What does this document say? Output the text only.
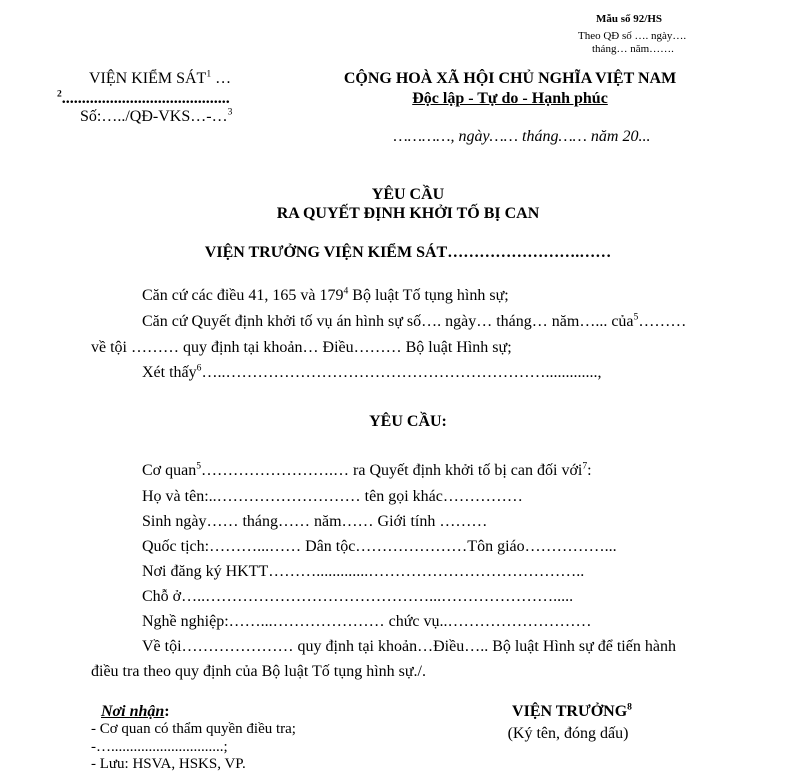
Mẫu số 92/HS
Theo QĐ số …. ngày….
tháng… năm…….
VIỆN KIỂM SÁT$^1$ …
$^2$..........................................
Số:…../QĐ-VKS…-…$^3$
CỘNG HOÀ XÃ HỘI CHỦ NGHĨA VIỆT NAM
Độc lập - Tự do - Hạnh phúc
…………, ngày…… tháng…… năm 20...
YÊU CẦU
RA QUYẾT ĐỊNH KHỞI TỐ BỊ CAN
VIỆN TRƯỞNG VIỆN KIỂM SÁT…………………….……
Căn cứ các điều 41, 165 và $179^4$ Bộ luật Tố tụng hình sự;
Căn cứ Quyết định khởi tố vụ án hình sự số…. ngày… tháng… năm…... của$^5$………
về tội ……… quy định tại khoản… Điều……… Bộ luật Hình sự;
Xét thấy$^6$…..…………………………………………………….............,
YÊU CẦU:
Cơ quan$^5$…………………….… ra Quyết định khởi tố bị can đối với$^7$:
Họ và tên:..……………………… tên gọi khác……………
Sinh ngày…… tháng…… năm…… Giới tính ………
Quốc tịch:………...…… Dân tộc…………………Tôn giáo……………...
Nơi đăng ký HKTT……….............…………………………………..
Chỗ ở…..……………………………………...………………….....
Nghề nghiệp:……...………………… chức vụ..………………………
Về tội………………… quy định tại khoản…Điều….. Bộ luật Hình sự để tiến hành
điều tra theo quy định của Bộ luật Tố tụng hình sự./.
Nơi nhận:
- Cơ quan có thẩm quyền điều tra;
-…..............................;
- Lưu: HSVA, HSKS, VP.
VIỆN TRƯỞNG$^8$
(Ký tên, đóng dấu)
